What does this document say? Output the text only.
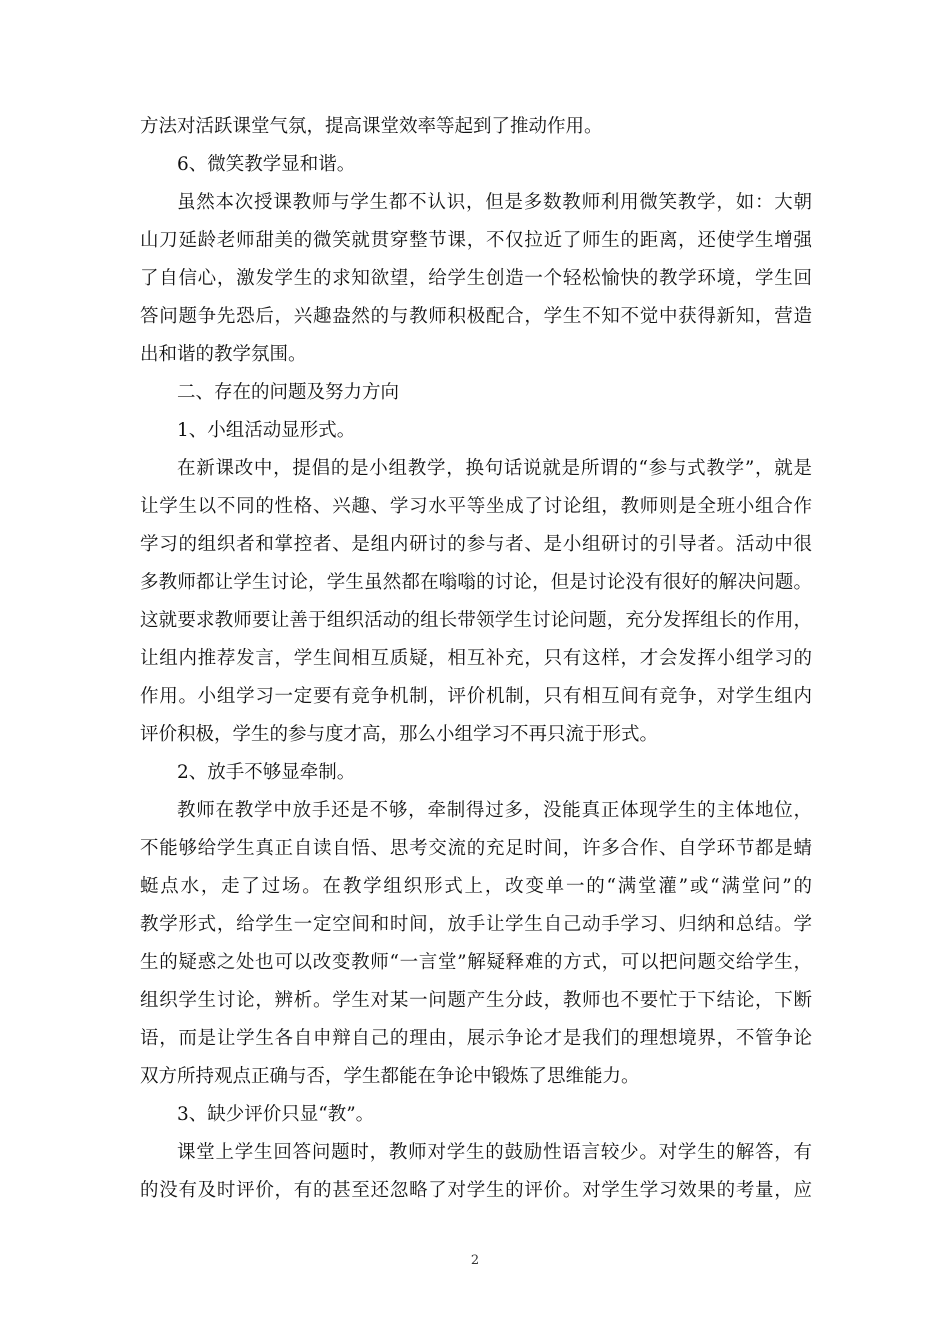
方法对活跃课堂气氛，提高课堂效率等起到了推动作用。
6、微笑教学显和谐。
虽然本次授课教师与学生都不认识，但是多数教师利用微笑教学，如：大朝
山刀延龄老师甜美的微笑就贯穿整节课，不仅拉近了师生的距离，还使学生增强
了自信心，激发学生的求知欲望，给学生创造一个轻松愉快的教学环境，学生回
答问题争先恐后，兴趣盎然的与教师积极配合，学生不知不觉中获得新知，营造
出和谐的教学氛围。
二、存在的问题及努力方向
1、小组活动显形式。
在新课改中，提倡的是小组教学，换句话说就是所谓的“参与式教学”，就是
让学生以不同的性格、兴趣、学习水平等坐成了讨论组，教师则是全班小组合作
学习的组织者和掌控者、是组内研讨的参与者、是小组研讨的引导者。活动中很
多教师都让学生讨论，学生虽然都在嗡嗡的讨论，但是讨论没有很好的解决问题。
这就要求教师要让善于组织活动的组长带领学生讨论问题，充分发挥组长的作用，
让组内推荐发言，学生间相互质疑，相互补充，只有这样，才会发挥小组学习的
作用。小组学习一定要有竞争机制，评价机制，只有相互间有竞争，对学生组内
评价积极，学生的参与度才高，那么小组学习不再只流于形式。
2、放手不够显牵制。
教师在教学中放手还是不够，牵制得过多，没能真正体现学生的主体地位，
不能够给学生真正自读自悟、思考交流的充足时间，许多合作、自学环节都是蜻
蜓点水，走了过场。在教学组织形式上，改变单一的“满堂灌”或“满堂问”的
教学形式，给学生一定空间和时间，放手让学生自己动手学习、归纳和总结。学
生的疑惑之处也可以改变教师“一言堂”解疑释难的方式，可以把问题交给学生，
组织学生讨论，辨析。学生对某一问题产生分歧，教师也不要忙于下结论，下断
语，而是让学生各自申辩自己的理由，展示争论才是我们的理想境界，不管争论
双方所持观点正确与否，学生都能在争论中锻炼了思维能力。
3、缺少评价只显“教”。
课堂上学生回答问题时，教师对学生的鼓励性语言较少。对学生的解答，有
的没有及时评价，有的甚至还忽略了对学生的评价。对学生学习效果的考量，应
2
